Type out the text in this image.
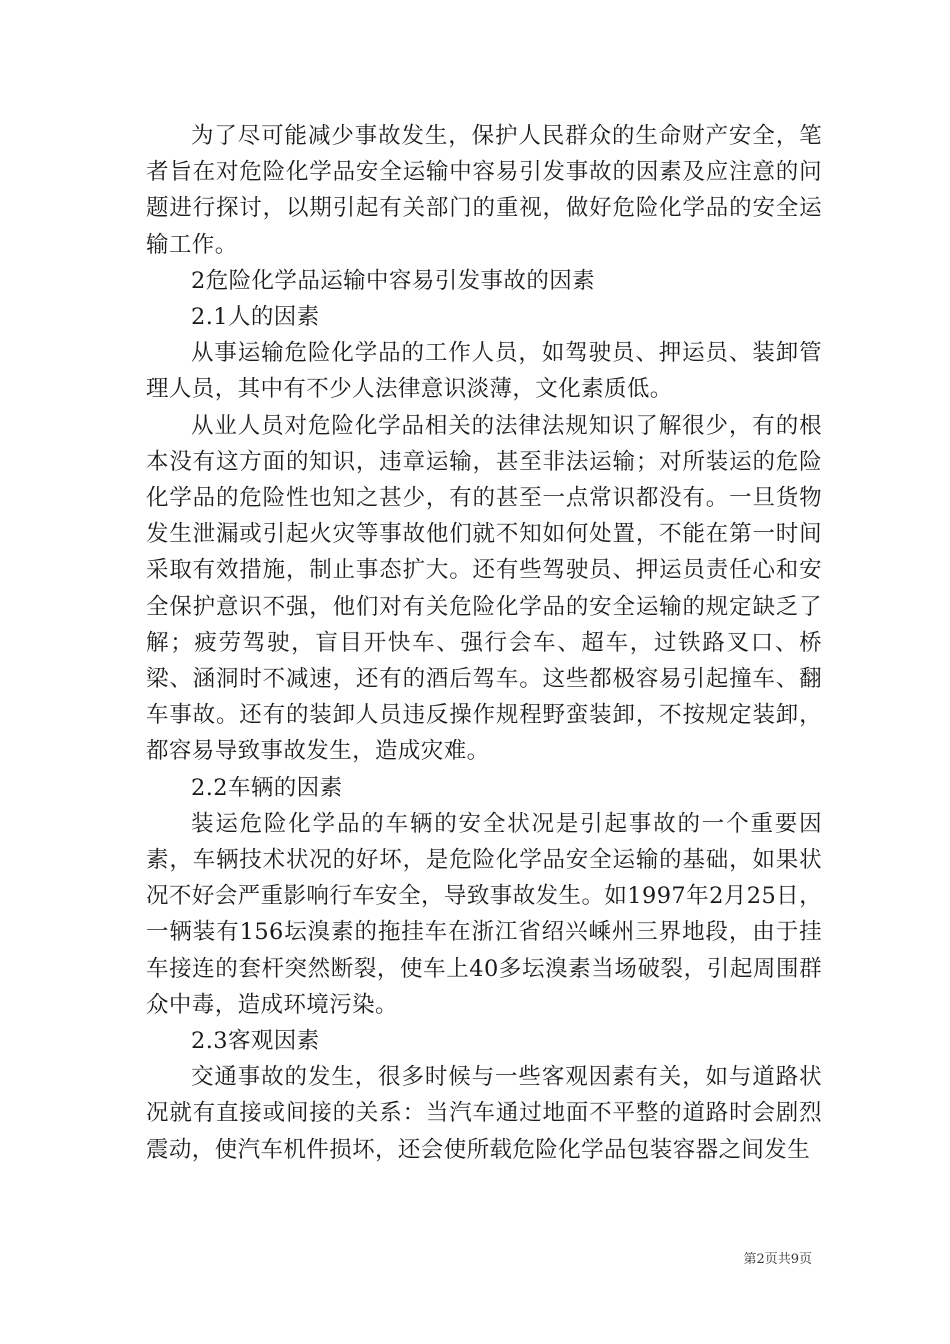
为了尽可能减少事故发生，保护人民群众的生命财产安全，笔者旨在对危险化学品安全运输中容易引发事故的因素及应注意的问题进行探讨，以期引起有关部门的重视，做好危险化学品的安全运输工作。

2危险化学品运输中容易引发事故的因素

2.1人的因素

从事运输危险化学品的工作人员，如驾驶员、押运员、装卸管理人员，其中有不少人法律意识淡薄，文化素质低。

从业人员对危险化学品相关的法律法规知识了解很少，有的根本没有这方面的知识，违章运输，甚至非法运输；对所装运的危险化学品的危险性也知之甚少，有的甚至一点常识都没有。一旦货物发生泄漏或引起火灾等事故他们就不知如何处置，不能在第一时间采取有效措施，制止事态扩大。还有些驾驶员、押运员责任心和安全保护意识不强，他们对有关危险化学品的安全运输的规定缺乏了解；疲劳驾驶，盲目开快车、强行会车、超车，过铁路叉口、桥梁、涵洞时不减速，还有的酒后驾车。这些都极容易引起撞车、翻车事故。还有的装卸人员违反操作规程野蛮装卸，不按规定装卸，都容易导致事故发生，造成灾难。

2.2车辆的因素

装运危险化学品的车辆的安全状况是引起事故的一个重要因素，车辆技术状况的好坏，是危险化学品安全运输的基础，如果状况不好会严重影响行车安全，导致事故发生。如1997年2月25日，一辆装有156坛溴素的拖挂车在浙江省绍兴嵊州三界地段，由于挂车接连的套杆突然断裂，使车上40多坛溴素当场破裂，引起周围群众中毒，造成环境污染。

2.3客观因素

交通事故的发生，很多时候与一些客观因素有关，如与道路状况就有直接或间接的关系：当汽车通过地面不平整的道路时会剧烈震动，使汽车机件损坏，还会使所载危险化学品包装容器之间发生

第2页共9页
